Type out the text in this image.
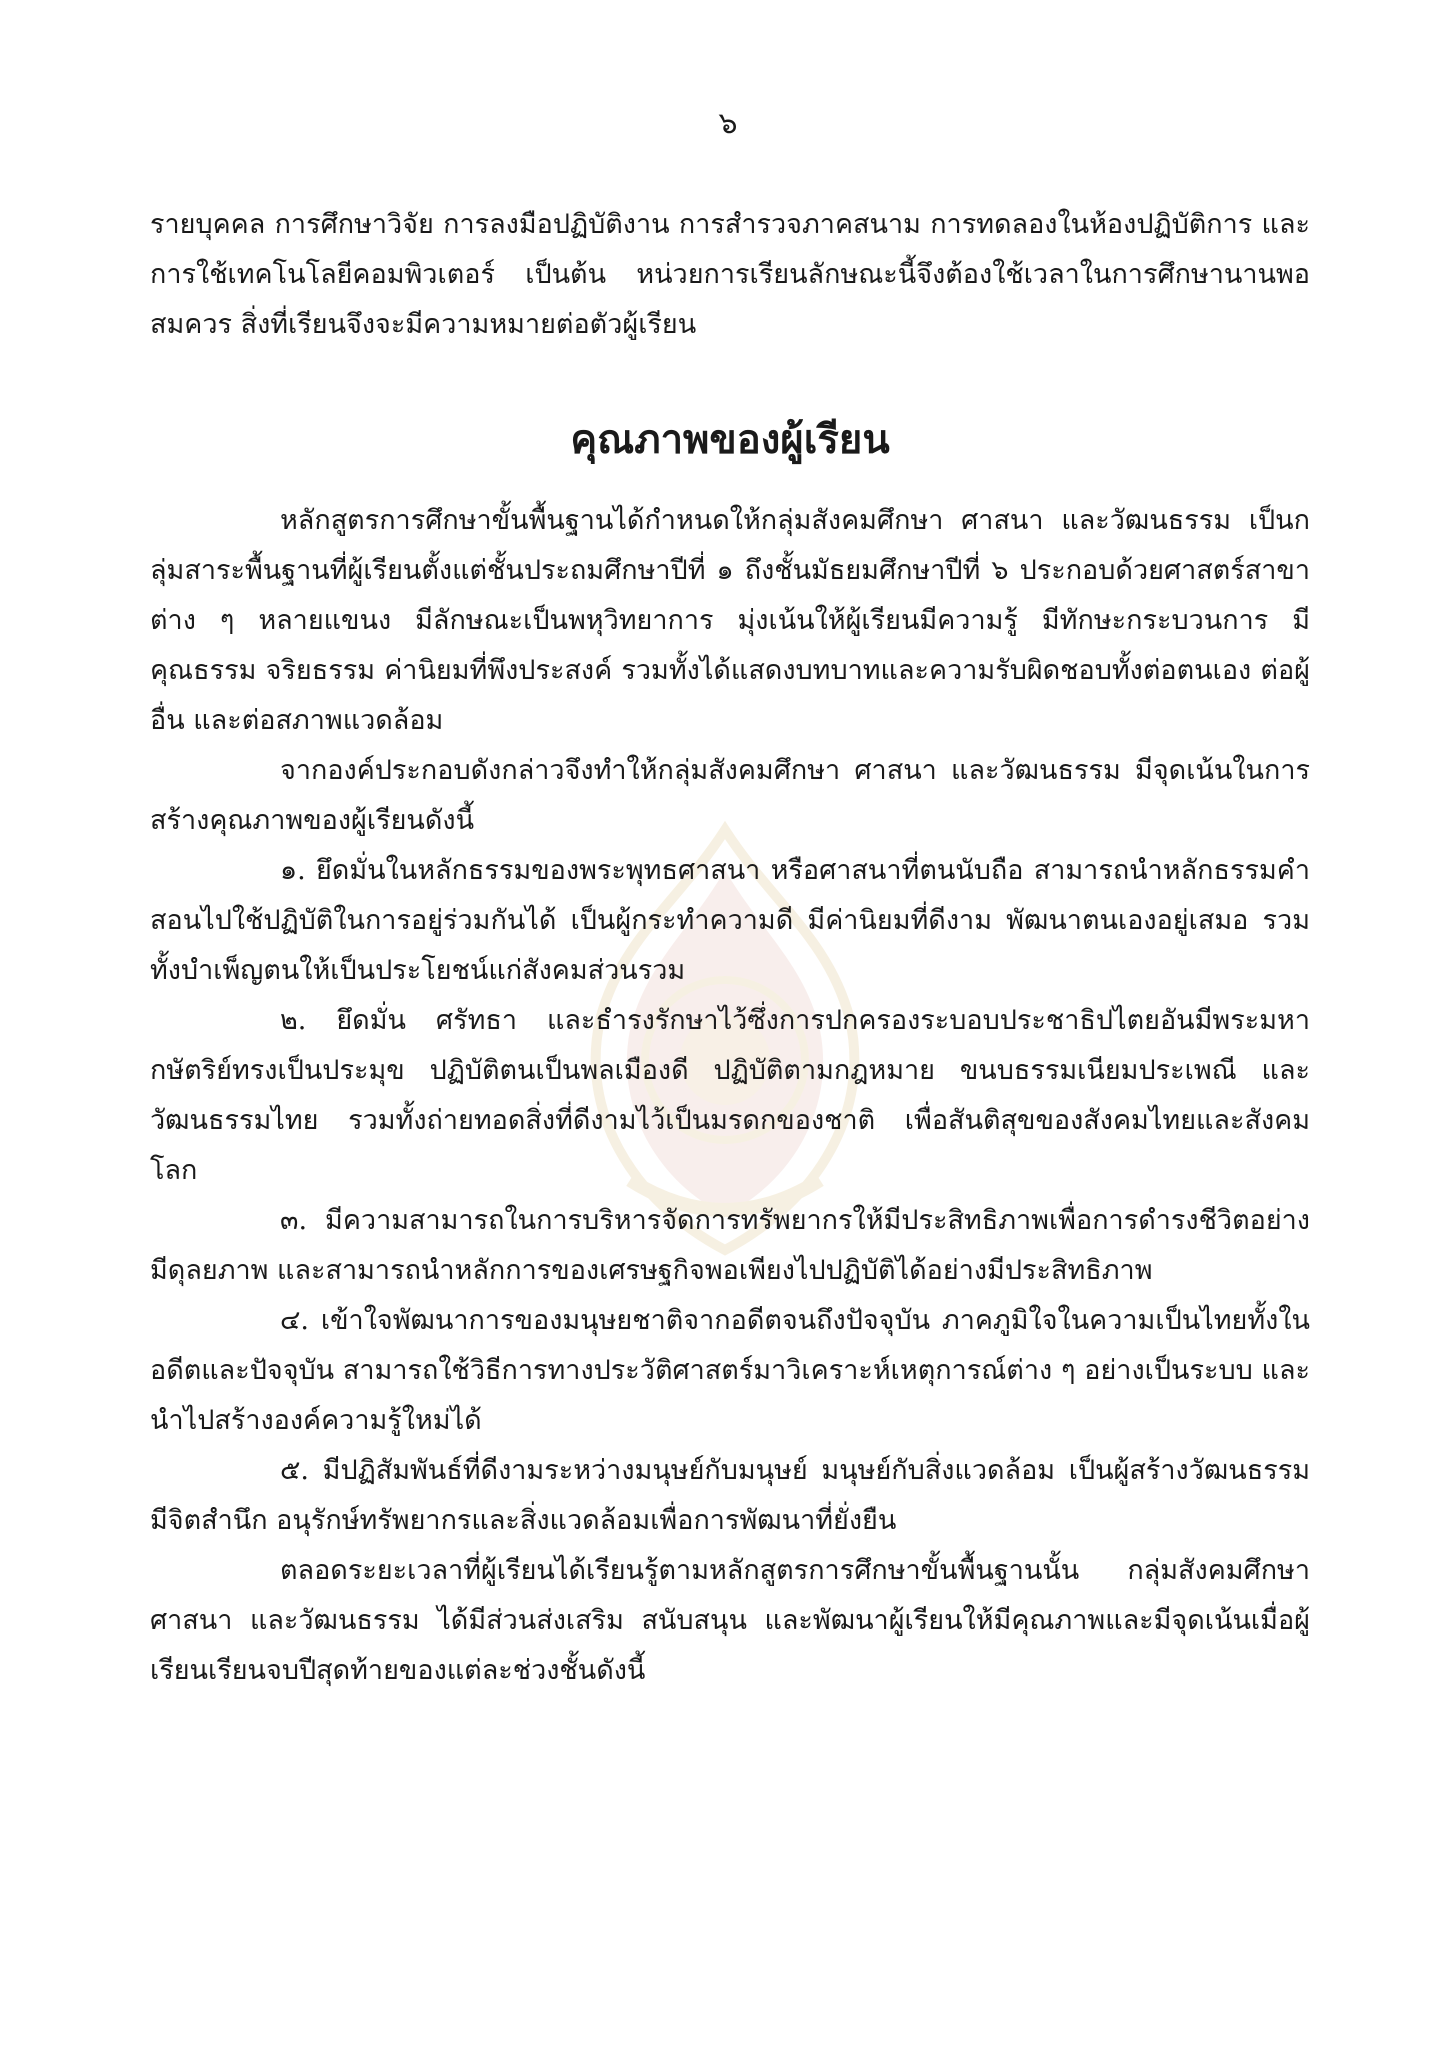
๖

รายบุคคล การศึกษาวิจัย การลงมือปฏิบัติงาน การสำรวจภาคสนาม การทดลองในห้องปฏิบัติการ และการใช้เทคโนโลยีคอมพิวเตอร์ เป็นต้น หน่วยการเรียนลักษณะนี้จึงต้องใช้เวลาในการศึกษานานพอสมควร สิ่งที่เรียนจึงจะมีความหมายต่อตัวผู้เรียน

คุณภาพของผู้เรียน

หลักสูตรการศึกษาขั้นพื้นฐานได้กำหนดให้กลุ่มสังคมศึกษา ศาสนา และวัฒนธรรม เป็นกลุ่มสาระพื้นฐานที่ผู้เรียนตั้งแต่ชั้นประถมศึกษาปีที่ ๑ ถึงชั้นมัธยมศึกษาปีที่ ๖ ประกอบด้วยศาสตร์สาขาต่าง ๆ หลายแขนง มีลักษณะเป็นพหุวิทยาการ มุ่งเน้นให้ผู้เรียนมีความรู้ มีทักษะกระบวนการ มีคุณธรรม จริยธรรม ค่านิยมที่พึงประสงค์ รวมทั้งได้แสดงบทบาทและความรับผิดชอบทั้งต่อตนเอง ต่อผู้อื่น และต่อสภาพแวดล้อม

จากองค์ประกอบดังกล่าวจึงทำให้กลุ่มสังคมศึกษา ศาสนา และวัฒนธรรม มีจุดเน้นในการสร้างคุณภาพของผู้เรียนดังนี้

๑. ยึดมั่นในหลักธรรมของพระพุทธศาสนา หรือศาสนาที่ตนนับถือ สามารถนำหลักธรรมคำสอนไปใช้ปฏิบัติในการอยู่ร่วมกันได้ เป็นผู้กระทำความดี มีค่านิยมที่ดีงาม พัฒนาตนเองอยู่เสมอ รวมทั้งบำเพ็ญตนให้เป็นประโยชน์แก่สังคมส่วนรวม

๒. ยึดมั่น ศรัทธา และธำรงรักษาไว้ซึ่งการปกครองระบอบประชาธิปไตยอันมีพระมหากษัตริย์ทรงเป็นประมุข ปฏิบัติตนเป็นพลเมืองดี ปฏิบัติตามกฎหมาย ขนบธรรมเนียมประเพณี และวัฒนธรรมไทย รวมทั้งถ่ายทอดสิ่งที่ดีงามไว้เป็นมรดกของชาติ เพื่อสันติสุขของสังคมไทยและสังคมโลก

๓. มีความสามารถในการบริหารจัดการทรัพยากรให้มีประสิทธิภาพเพื่อการดำรงชีวิตอย่างมีดุลยภาพ และสามารถนำหลักการของเศรษฐกิจพอเพียงไปปฏิบัติได้อย่างมีประสิทธิภาพ

๔. เข้าใจพัฒนาการของมนุษยชาติจากอดีตจนถึงปัจจุบัน ภาคภูมิใจในความเป็นไทยทั้งในอดีตและปัจจุบัน สามารถใช้วิธีการทางประวัติศาสตร์มาวิเคราะห์เหตุการณ์ต่าง ๆ อย่างเป็นระบบ และนำไปสร้างองค์ความรู้ใหม่ได้

๕. มีปฏิสัมพันธ์ที่ดีงามระหว่างมนุษย์กับมนุษย์ มนุษย์กับสิ่งแวดล้อม เป็นผู้สร้างวัฒนธรรม มีจิตสำนึก อนุรักษ์ทรัพยากรและสิ่งแวดล้อมเพื่อการพัฒนาที่ยั่งยืน

ตลอดระยะเวลาที่ผู้เรียนได้เรียนรู้ตามหลักสูตรการศึกษาขั้นพื้นฐานนั้น กลุ่มสังคมศึกษา ศาสนา และวัฒนธรรม ได้มีส่วนส่งเสริม สนับสนุน และพัฒนาผู้เรียนให้มีคุณภาพและมีจุดเน้นเมื่อผู้เรียนเรียนจบปีสุดท้ายของแต่ละช่วงชั้นดังนี้
